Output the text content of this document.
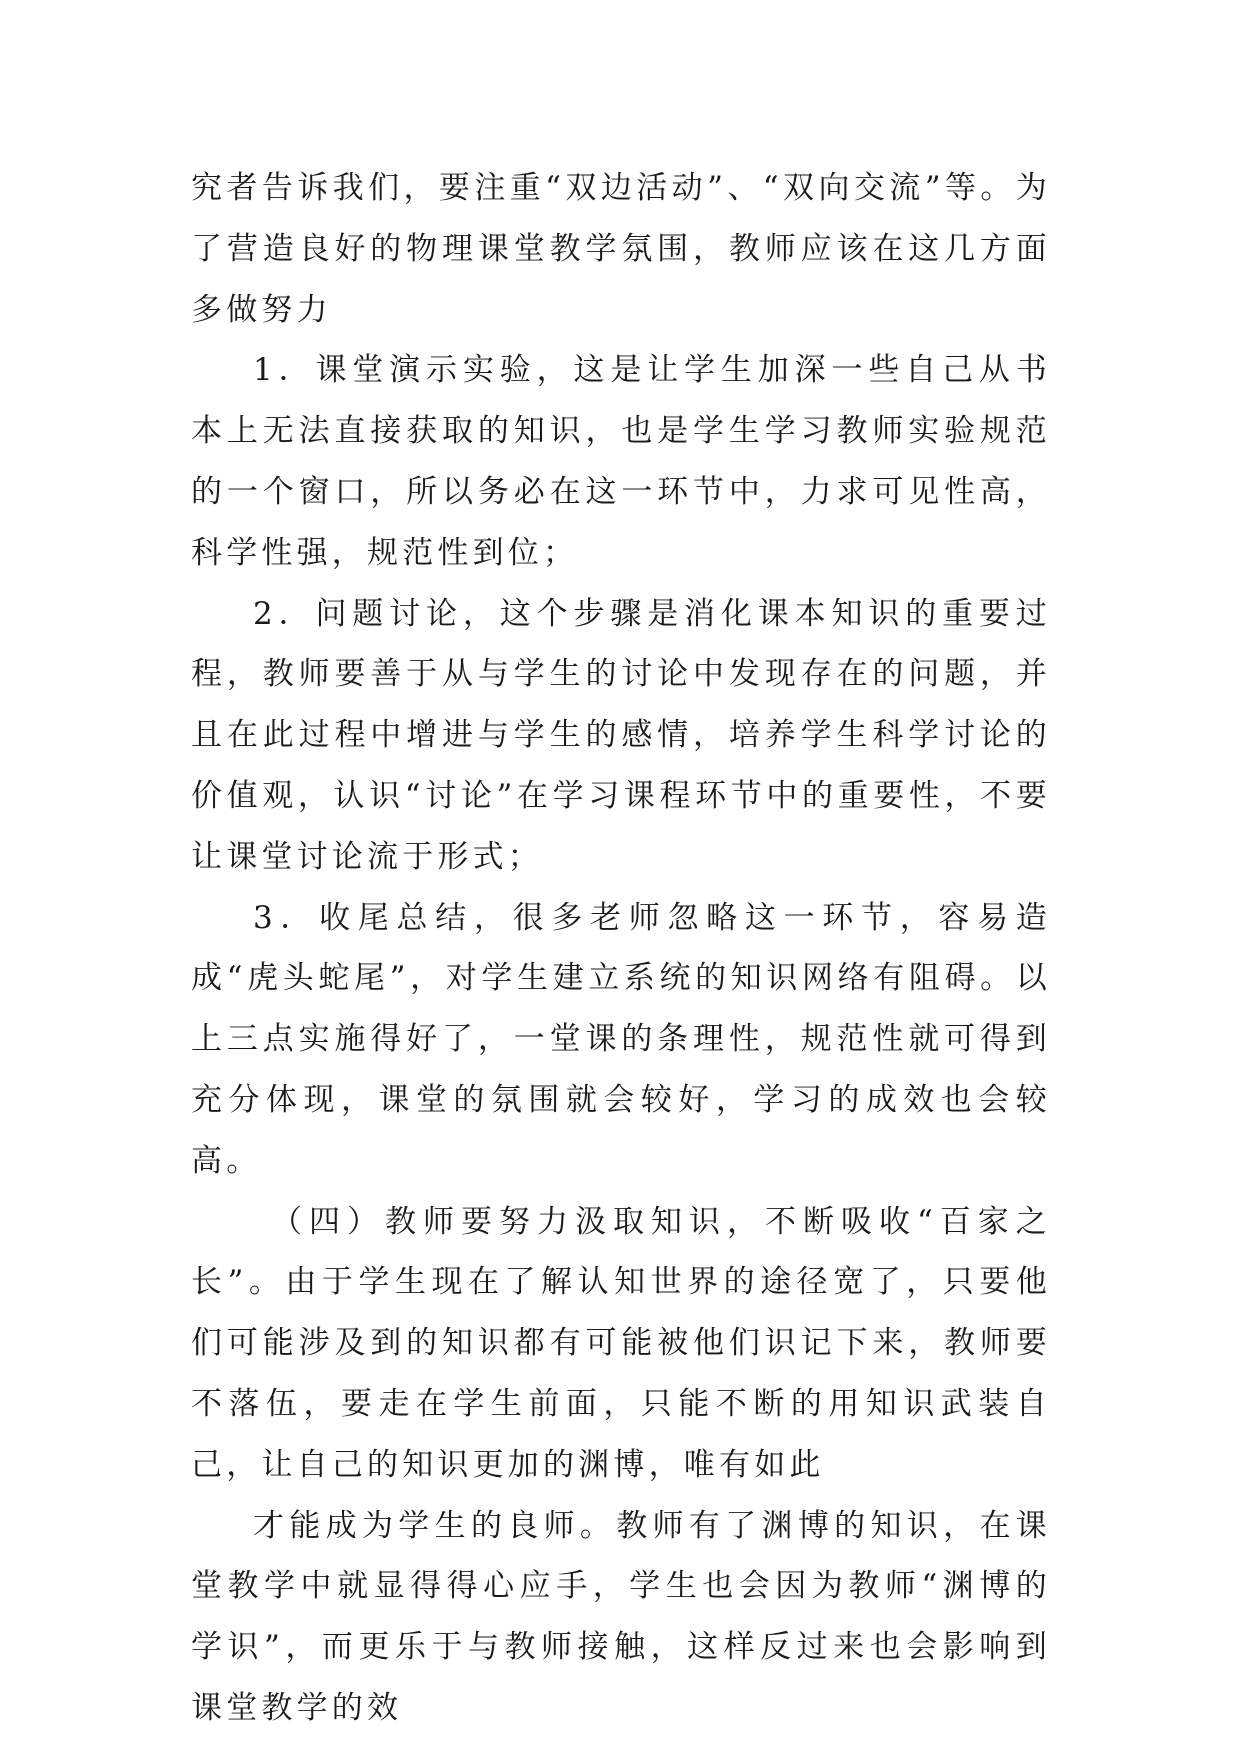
究者告诉我们，要注重“双边活动”、“双向交流”等。为了营造良好的物理课堂教学氛围，教师应该在这几方面多做努力

1．课堂演示实验，这是让学生加深一些自己从书本上无法直接获取的知识，也是学生学习教师实验规范的一个窗口，所以务必在这一环节中，力求可见性高，科学性强，规范性到位；

2．问题讨论，这个步骤是消化课本知识的重要过程，教师要善于从与学生的讨论中发现存在的问题，并且在此过程中增进与学生的感情，培养学生科学讨论的价值观，认识“讨论”在学习课程环节中的重要性，不要让课堂讨论流于形式；

3．收尾总结，很多老师忽略这一环节，容易造成“虎头蛇尾”，对学生建立系统的知识网络有阻碍。以上三点实施得好了，一堂课的条理性，规范性就可得到充分体现，课堂的氛围就会较好，学习的成效也会较高。

（四）教师要努力汲取知识，不断吸收“百家之长”。由于学生现在了解认知世界的途径宽了，只要他们可能涉及到的知识都有可能被他们识记下来，教师要不落伍，要走在学生前面，只能不断的用知识武装自己，让自己的知识更加的渊博，唯有如此

才能成为学生的良师。教师有了渊博的知识，在课堂教学中就显得得心应手，学生也会因为教师“渊博的学识”，而更乐于与教师接触，这样反过来也会影响到课堂教学的效
